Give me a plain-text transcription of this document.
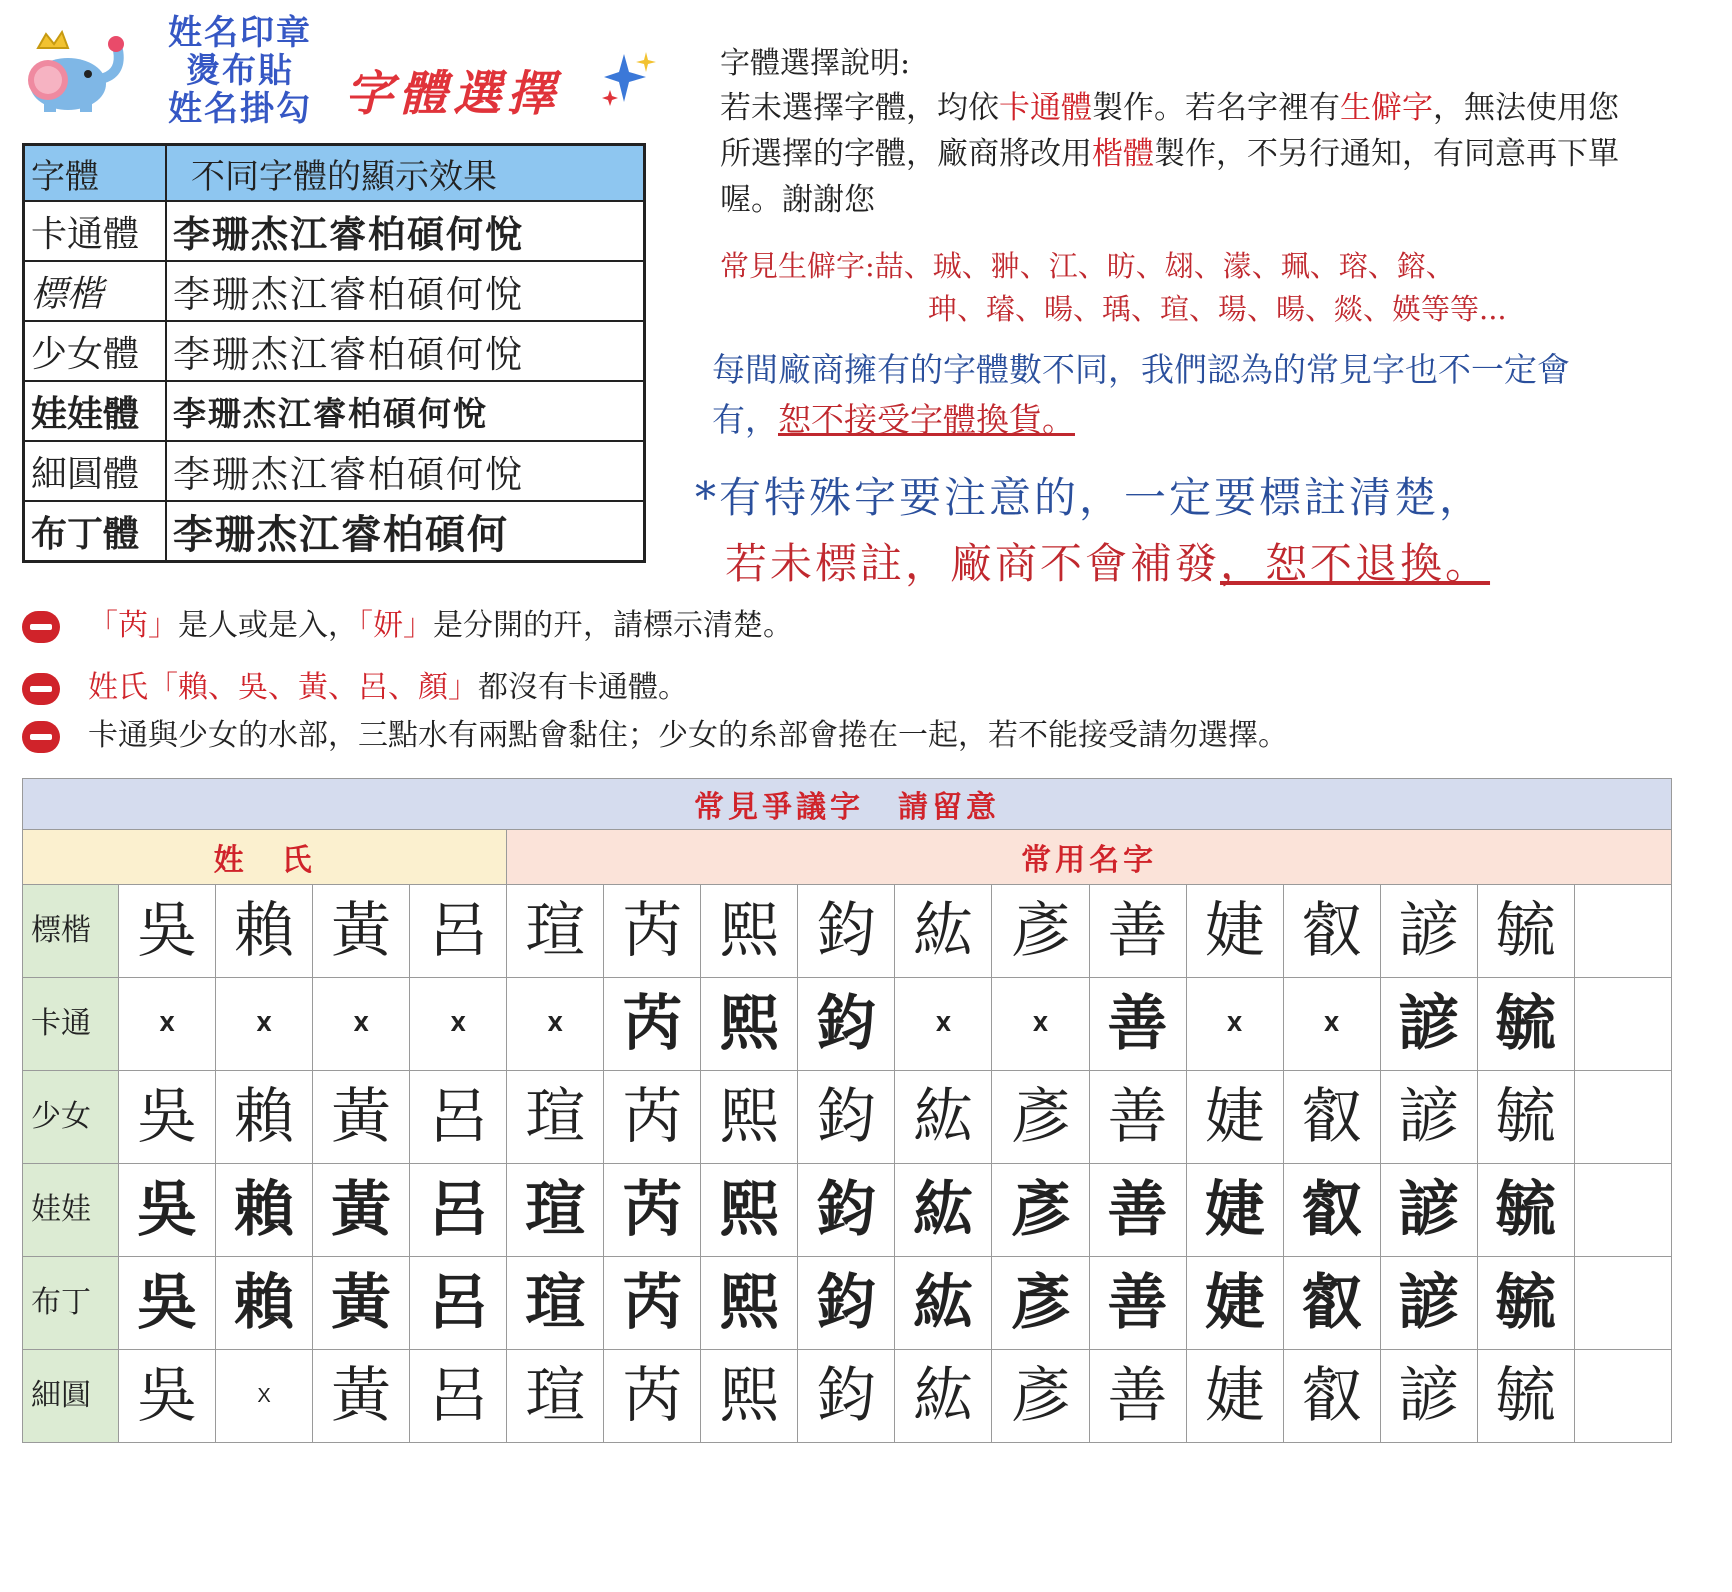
姓名印章
燙布貼
姓名掛勾 字體選擇
字體	不同字體的顯示效果
卡通體	李珊杰江睿柏碩何悅
標楷	李珊杰江睿柏碩何悅
少女體	李珊杰江睿柏碩何悅
娃娃體	李珊杰江睿柏碩何悅
細圓體	李珊杰江睿柏碩何悅
布丁體	李珊杰江睿柏碩何
字體選擇說明:
若未選擇字體，均依卡通體製作。若名字裡有生僻字，無法使用您所選擇的字體，廠商將改用楷體製作，不另行通知，有同意再下單喔。謝謝您
常見生僻字:喆、珹、翀、江、昉、翃、濛、珮、瑢、鎔、
珅、璿、暘、瑀、瑄、瑒、暘、燚、媖等等...
每間廠商擁有的字體數不同，我們認為的常見字也不一定會有，恕不接受字體換貨。
*有特殊字要注意的，一定要標註清楚，
若未標註，廠商不會補發，恕不退換。
「芮」是人或是入，「妍」是分開的幵，請標示清楚。
姓氏「賴、吳、黃、呂、顏」都沒有卡通體。
卡通與少女的水部，三點水有兩點會黏住；少女的糸部會捲在一起，若不能接受請勿選擇。
常見爭議字　請留意																
姓　氏					常用名字											
標楷	吳	賴	黃	呂	瑄	芮	熙	鈞	紘	彥	善	婕	叡	諺	毓	
卡通	X	X	X	X	X	芮	熙	鈞	X	X	善	X	X	諺	毓	
少女	吳	賴	黃	呂	瑄	芮	熙	鈞	紘	彥	善	婕	叡	諺	毓	
娃娃	吳	賴	黃	呂	瑄	芮	熙	鈞	紘	彥	善	婕	叡	諺	毓	
布丁	吳	賴	黃	呂	瑄	芮	熙	鈞	紘	彥	善	婕	叡	諺	毓	
細圓	吳	X	黃	呂	瑄	芮	熙	鈞	紘	彥	善	婕	叡	諺	毓	
